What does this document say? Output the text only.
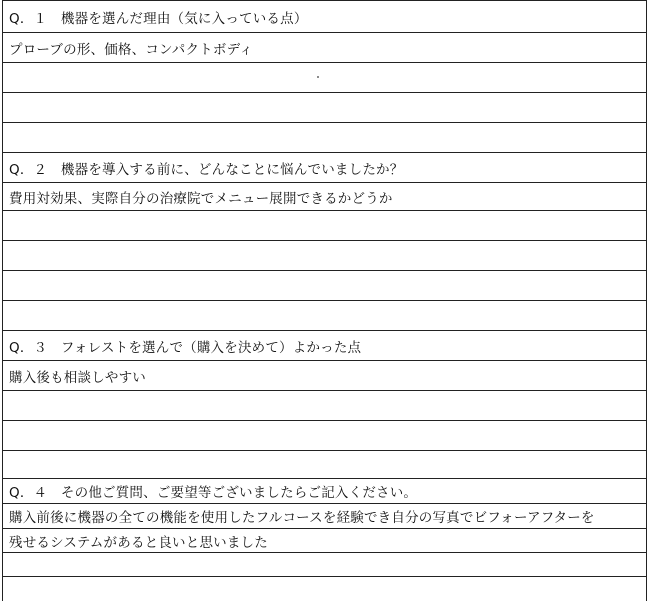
Q．１　機器を選んだ理由（気に入っている点）
プローブの形、価格、コンパクトボディ
Q．２　機器を導入する前に、どんなことに悩んでいましたか？
費用対効果、実際自分の治療院でメニュー展開できるかどうか
Q．３　フォレストを選んで（購入を決めて）よかった点
購入後も相談しやすい
Q．４　その他ご質問、ご要望等ございましたらご記入ください。
購入前後に機器の全ての機能を使用したフルコースを経験でき自分の写真でビフォーアフターを
残せるシステムがあると良いと思いました
